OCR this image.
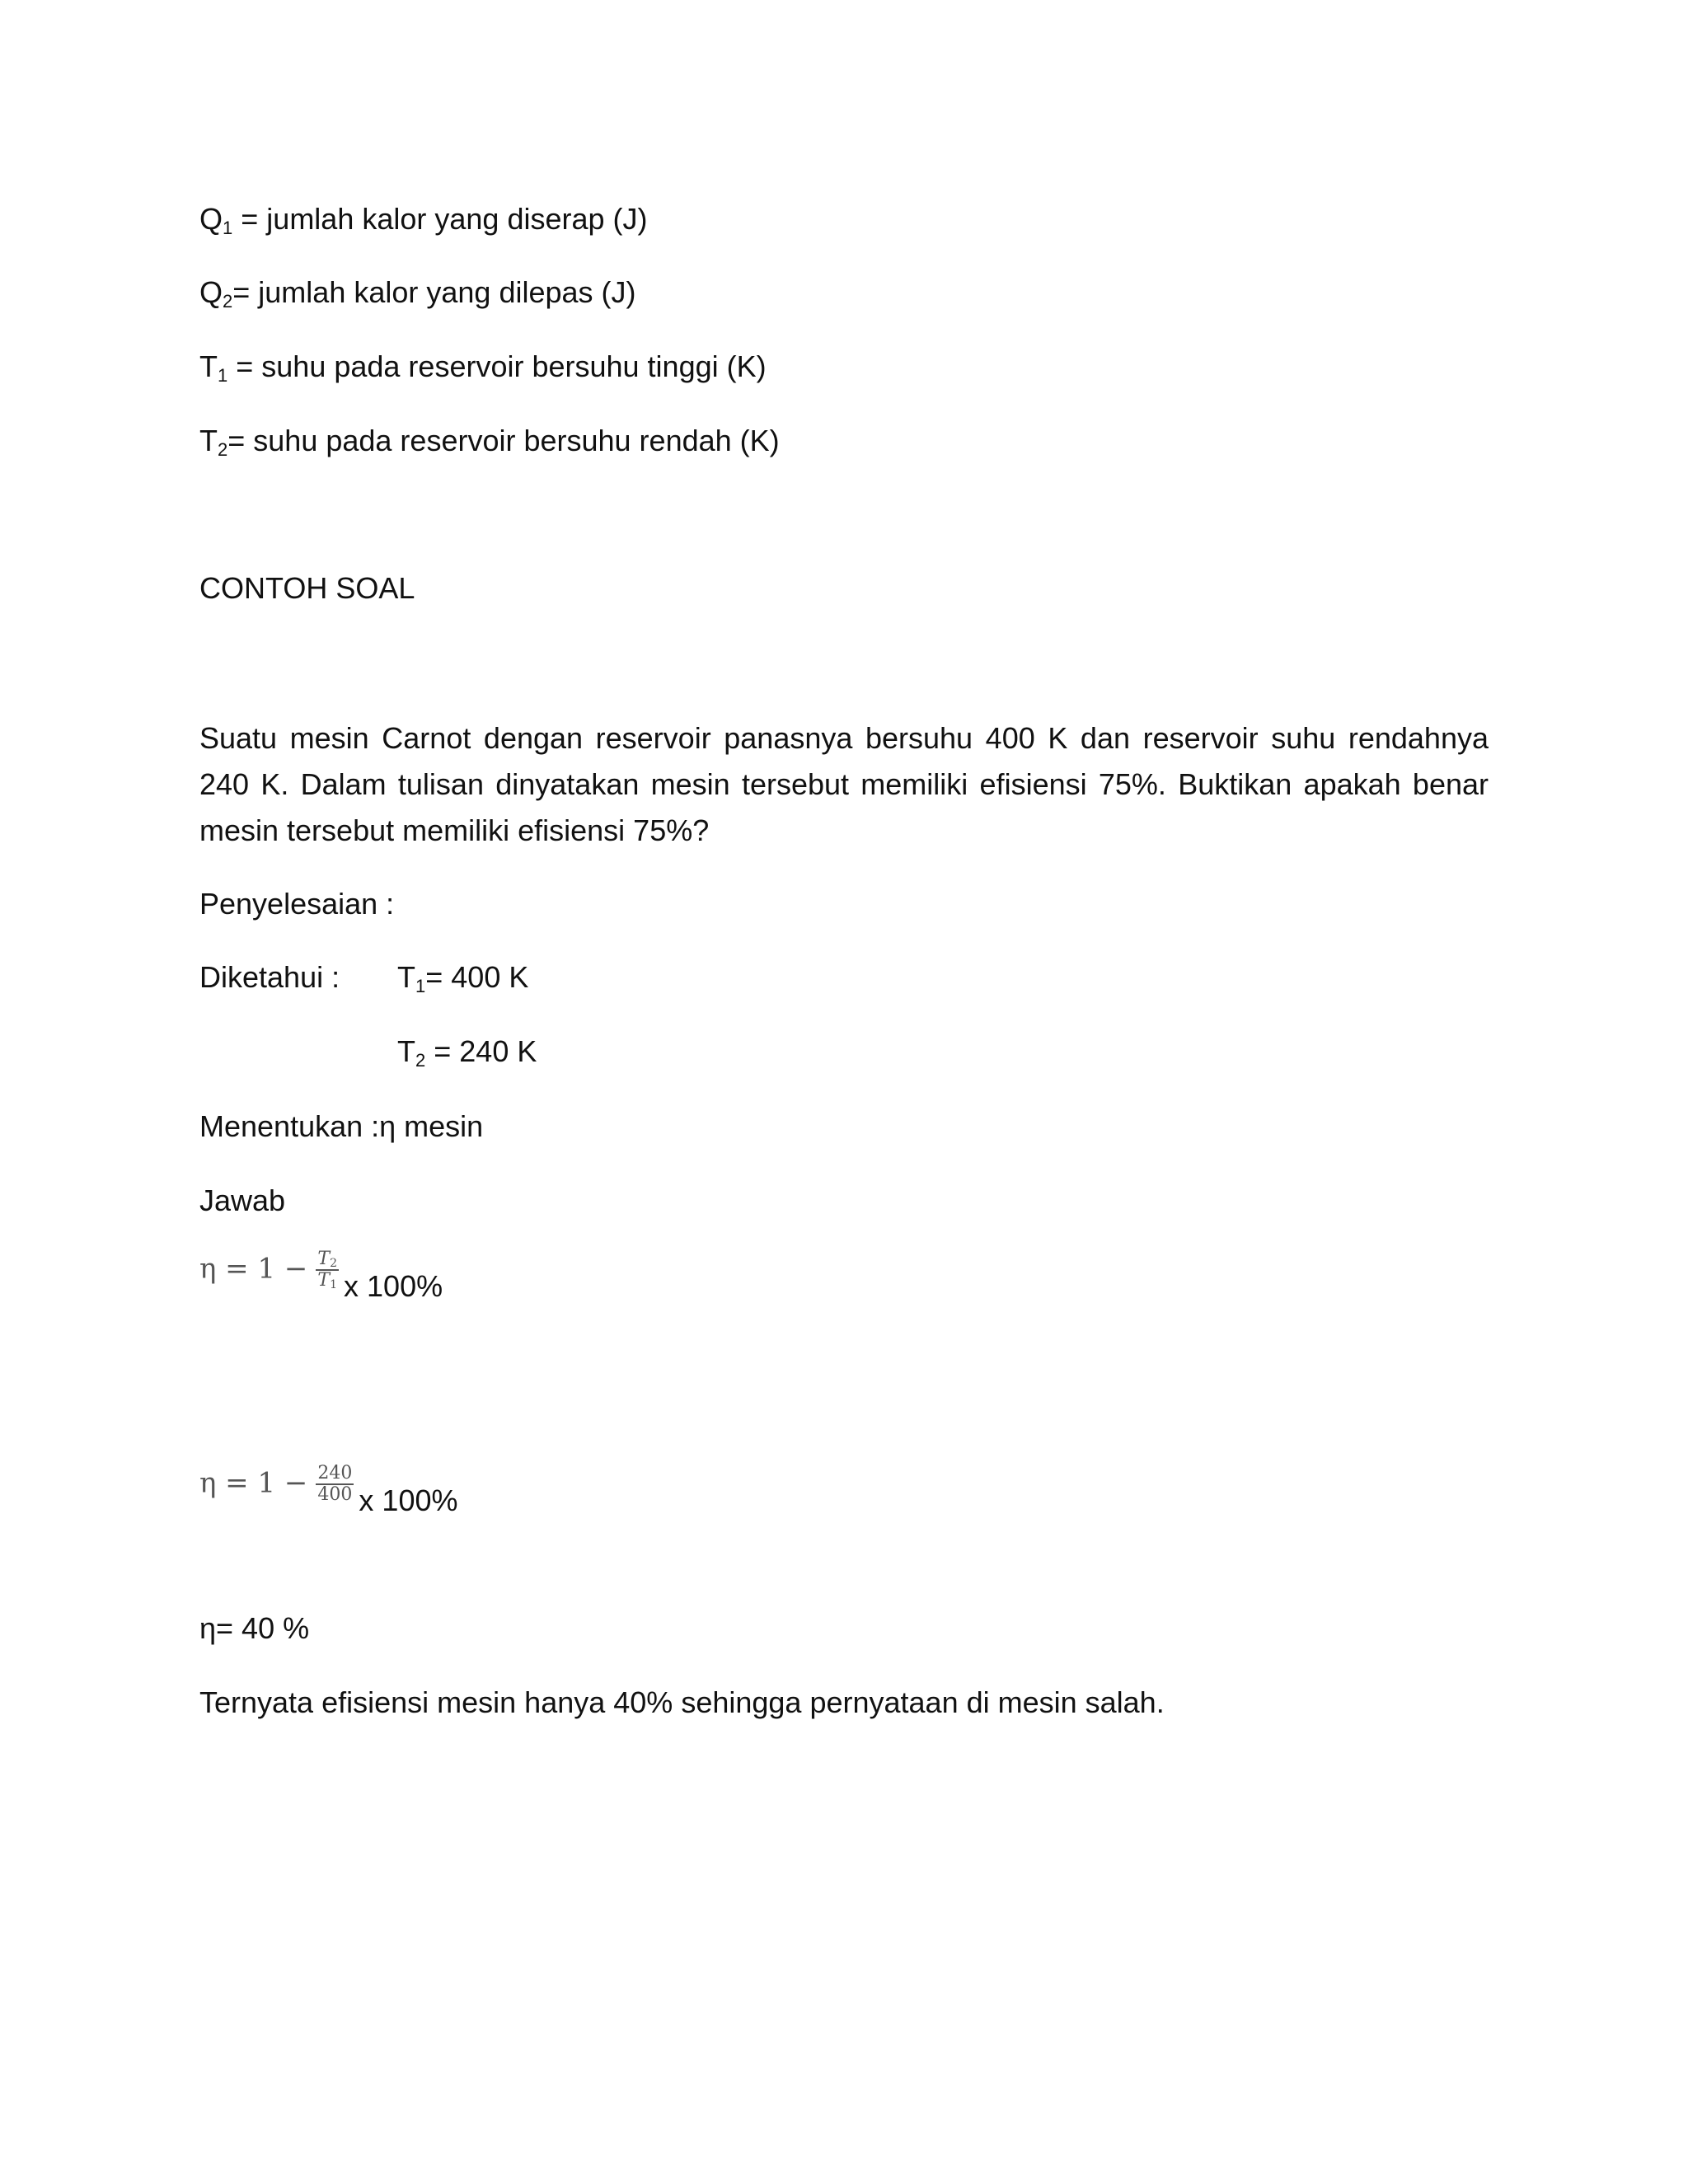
$Q_1$ = jumlah kalor yang diserap (J)
$Q_2=$ jumlah kalor yang dilepas (J)
$T_1$ = suhu pada reservoir bersuhu tinggi (K)
$T_2=$ suhu pada reservoir bersuhu rendah (K)
CONTOH SOAL
Suatu mesin Carnot dengan reservoir panasnya bersuhu 400 K dan reservoir suhu rendahnya 240 K. Dalam tulisan dinyatakan mesin tersebut memiliki efisiensi 75%. Buktikan apakah benar mesin tersebut memiliki efisiensi 75%?
Penyelesaian :
Diketahui : $T_1= 400$ K
$T_2 = 240$ K
Menentukan :η mesin
Jawab
$\eta = 1 - \frac{T_2}{T_1}$ x 100%
$\eta = 1 - \frac{240}{400}$ x 100%
η= 40 %
Ternyata efisiensi mesin hanya 40% sehingga pernyataan di mesin salah.
